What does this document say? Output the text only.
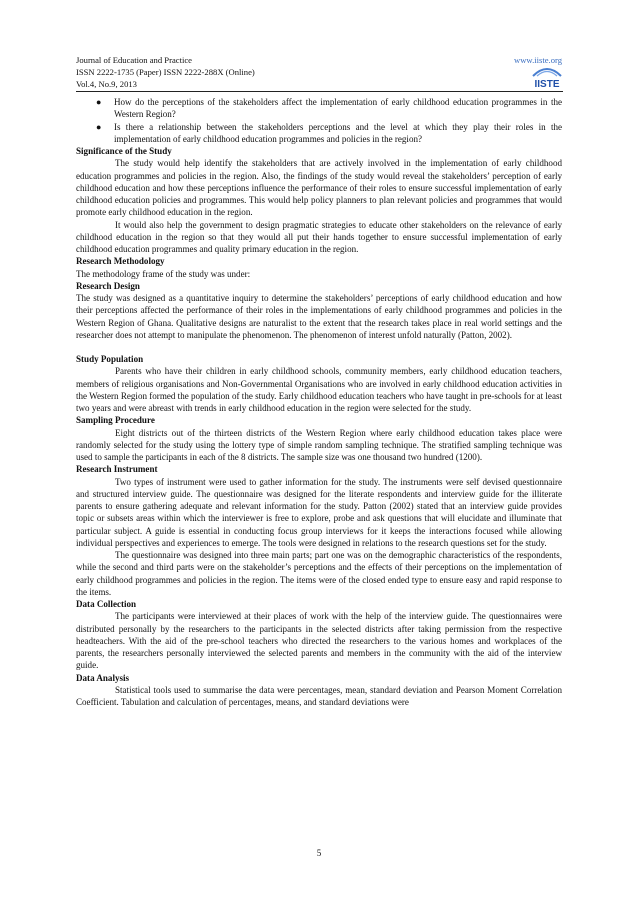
Journal of Education and Practice	www.iiste.org
ISSN 2222-1735 (Paper) ISSN 2222-288X (Online)
Vol.4, No.9, 2013	IISTE
● How do the perceptions of the stakeholders affect the implementation of early childhood education programmes in the Western Region?
● Is there a relationship between the stakeholders perceptions and the level at which they play their roles in the implementation of early childhood education programmes and policies in the region?

Significance of the Study

The study would help identify the stakeholders that are actively involved in the implementation of early childhood education programmes and policies in the region. Also, the findings of the study would reveal the stakeholders’ perception of early childhood education and how these perceptions influence the performance of their roles to ensure successful implementation of early childhood education policies and programmes. This would help policy planners to plan relevant policies and programmes that would promote early childhood education in the region.

It would also help the government to design pragmatic strategies to educate other stakeholders on the relevance of early childhood education in the region so that they would all put their hands together to ensure successful implementation of early childhood education programmes and quality primary education in the region.

Research Methodology

The methodology frame of the study was under:

Research Design

The study was designed as a quantitative inquiry to determine the stakeholders’ perceptions of early childhood education and how their perceptions affected the performance of their roles in the implementations of early childhood programmes and policies in the Western Region of Ghana. Qualitative designs are naturalist to the extent that the research takes place in real world settings and the researcher does not attempt to manipulate the phenomenon. The phenomenon of interest unfold naturally (Patton, 2002).

Study Population

Parents who have their children in early childhood schools, community members, early childhood education teachers, members of religious organisations and Non-Governmental Organisations who are involved in early childhood education activities in the Western Region formed the population of the study. Early childhood education teachers who have taught in pre-schools for at least two years and were abreast with trends in early childhood education in the region were selected for the study.

Sampling Procedure

Eight districts out of the thirteen districts of the Western Region where early childhood education takes place were randomly selected for the study using the lottery type of simple random sampling technique. The stratified sampling technique was used to sample the participants in each of the 8 districts. The sample size was one thousand two hundred (1200).

Research Instrument

Two types of instrument were used to gather information for the study. The instruments were self devised questionnaire and structured interview guide. The questionnaire was designed for the literate respondents and interview guide for the illiterate parents to ensure gathering adequate and relevant information for the study. Patton (2002) stated that an interview guide provides topic or subsets areas within which the interviewer is free to explore, probe and ask questions that will elucidate and illuminate that particular subject. A guide is essential in conducting focus group interviews for it keeps the interactions focused while allowing individual perspectives and experiences to emerge. The tools were designed in relations to the research questions set for the study.

The questionnaire was designed into three main parts; part one was on the demographic characteristics of the respondents, while the second and third parts were on the stakeholder’s perceptions and the effects of their perceptions on the implementation of early childhood programmes and policies in the region. The items were of the closed ended type to ensure easy and rapid response to the items.

Data Collection

The participants were interviewed at their places of work with the help of the interview guide. The questionnaires were distributed personally by the researchers to the participants in the selected districts after taking permission from the respective headteachers. With the aid of the pre-school teachers who directed the researchers to the various homes and workplaces of the parents, the researchers personally interviewed the selected parents and members in the community with the aid of the interview guide.

Data Analysis

Statistical tools used to summarise the data were percentages, mean, standard deviation and Pearson Moment Correlation Coefficient. Tabulation and calculation of percentages, means, and standard deviations were

5
